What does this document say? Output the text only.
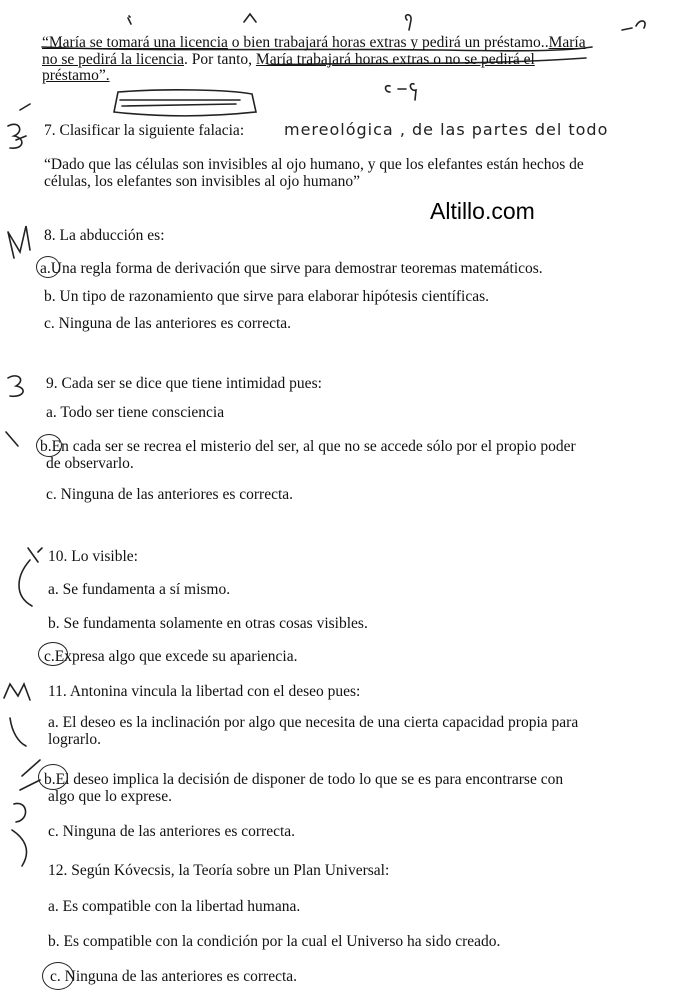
“María se tomará una licencia o bien trabajará horas extras y pedirá un préstamo..María
no se pedirá la licencia. Por tanto, María trabajará horas extras o no se pedirá el
préstamo”.
7. Clasificar la siguiente falacia: mereológica , de las partes del todo
“Dado que las células son invisibles al ojo humano, y que los elefantes están hechos de
células, los elefantes son invisibles al ojo humano”
Altillo.com
8. La abducción es:
a.Una regla forma de derivación que sirve para demostrar teoremas matemáticos.
b. Un tipo de razonamiento que sirve para elaborar hipótesis científicas.
c. Ninguna de las anteriores es correcta.
9. Cada ser se dice que tiene intimidad pues:
a. Todo ser tiene consciencia
b.En cada ser se recrea el misterio del ser, al que no se accede sólo por el propio poder
de observarlo.
c. Ninguna de las anteriores es correcta.
10. Lo visible:
a. Se fundamenta a sí mismo.
b. Se fundamenta solamente en otras cosas visibles.
c.Expresa algo que excede su apariencia.
11. Antonina vincula la libertad con el deseo pues:
a. El deseo es la inclinación por algo que necesita de una cierta capacidad propia para
lograrlo.
b.El deseo implica la decisión de disponer de todo lo que se es para encontrarse con
algo que lo exprese.
c. Ninguna de las anteriores es correcta.
12. Según Kóvecsis, la Teoría sobre un Plan Universal:
a. Es compatible con la libertad humana.
b. Es compatible con la condición por la cual el Universo ha sido creado.
c. Ninguna de las anteriores es correcta.
